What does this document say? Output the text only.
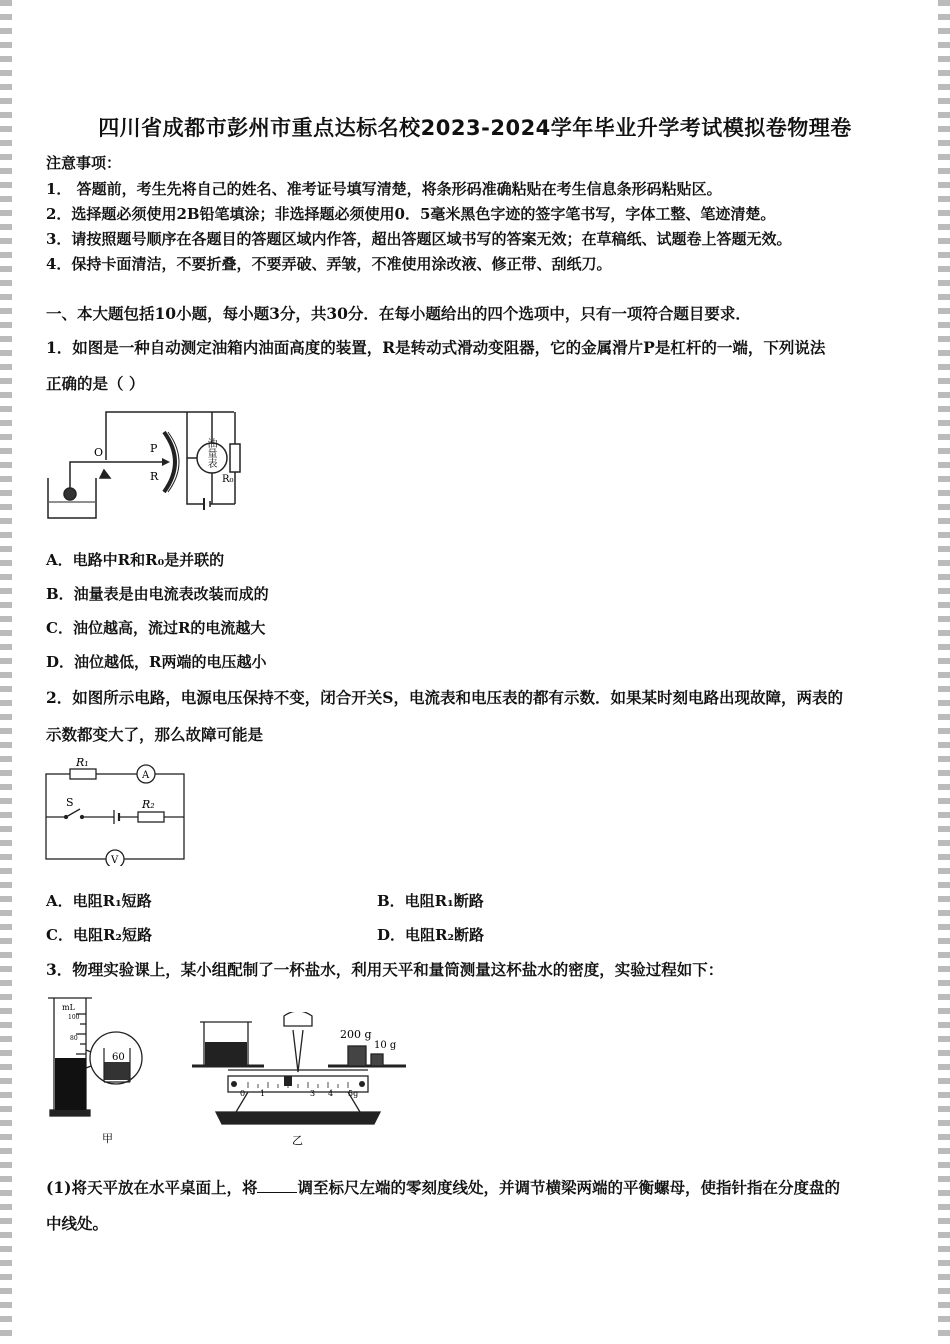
四川省成都市彭州市重点达标名校2023-2024学年毕业升学考试模拟卷物理卷
注意事项：
1． 答题前，考生先将自己的姓名、准考证号填写清楚，将条形码准确粘贴在考生信息条形码粘贴区。
2．选择题必须使用2B铅笔填涂；非选择题必须使用0．5毫米黑色字迹的签字笔书写，字体工整、笔迹清楚。
3．请按照题号顺序在各题目的答题区域内作答，超出答题区域书写的答案无效；在草稿纸、试题卷上答题无效。
4．保持卡面清洁，不要折叠，不要弄破、弄皱，不准使用涂改液、修正带、刮纸刀。
一、本大题包括10小题，每小题3分，共30分．在每小题给出的四个选项中，只有一项符合题目要求．
1．如图是一种自动测定油箱内油面高度的装置，R是转动式滑动变阻器，它的金属滑片P是杠杆的一端，下列说法
正确的是（ ）
O	P
R	R₀
油量表
A．电路中R和R₀是并联的
B．油量表是由电流表改装而成的
C．油位越高，流过R的电流越大
D．油位越低，R两端的电压越小
2．如图所示电路，电源电压保持不变，闭合开关S，电流表和电压表的都有示数．如果某时刻电路出现故障，两表的
示数都变大了，那么故障可能是
R₁
A
S	R₂
V
A．电阻R₁短路	B．电阻R₁断路
C．电阻R₂短路	D．电阻R₂断路
3．物理实验课上，某小组配制了一杯盐水，利用天平和量筒测量这杯盐水的密度，实验过程如下：
mL
100
80
60
甲
200 g
10 g
0 1	3 4 5g
乙
(1)将天平放在水平桌面上，将	调至标尺左端的零刻度线处，并调节横梁两端的平衡螺母，使指针指在分度盘的
中线处。
